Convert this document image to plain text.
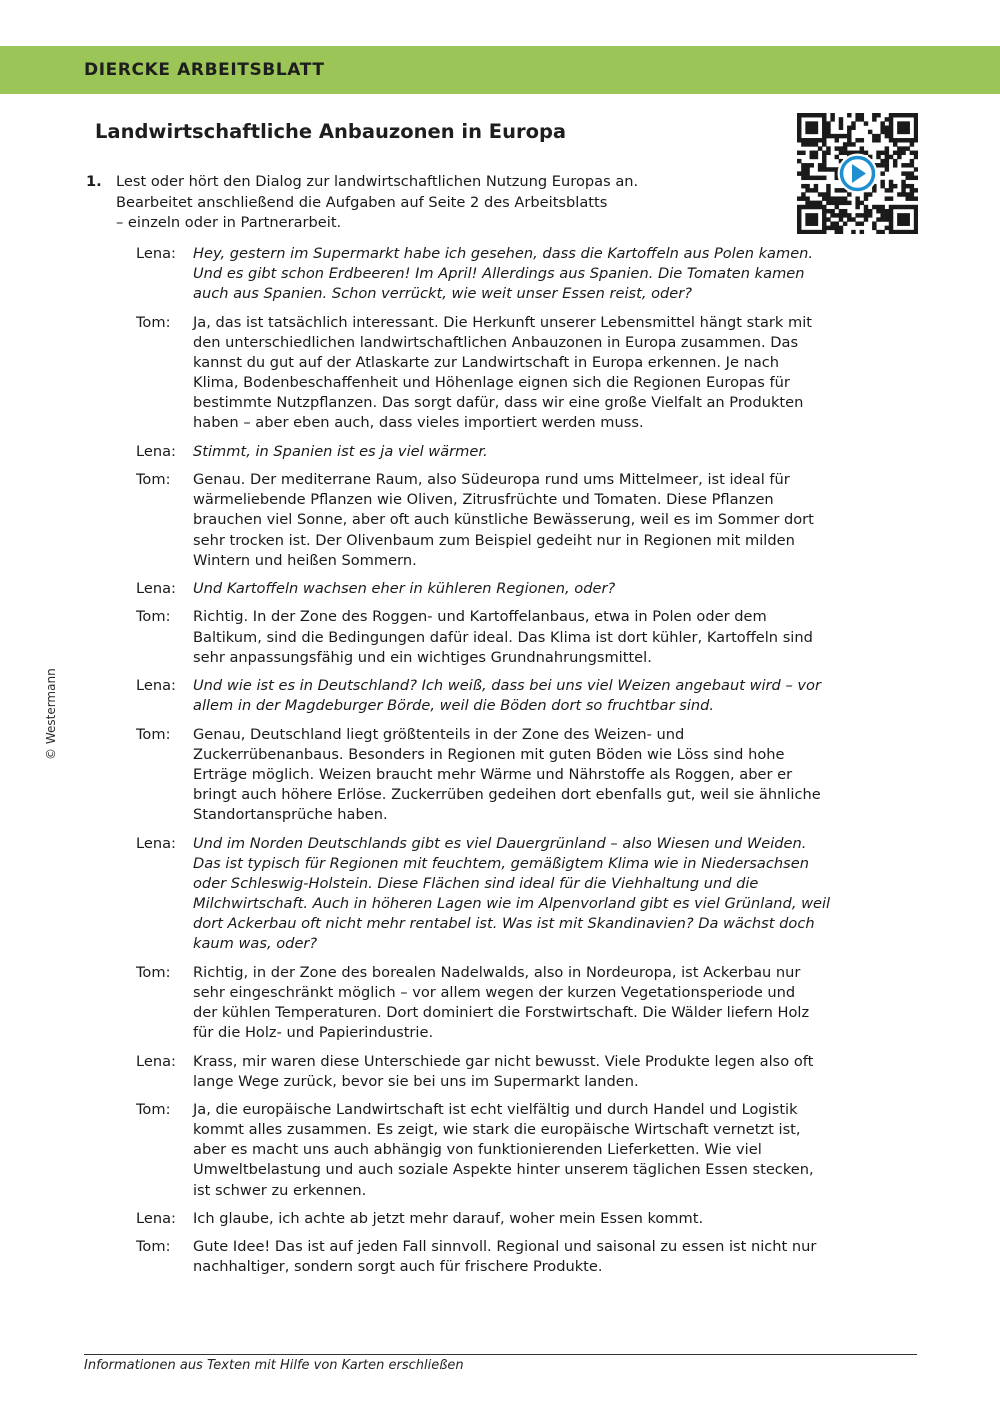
DIERCKE ARBEITSBLATT
Landwirtschaftliche Anbauzonen in Europa
1. Lest oder hört den Dialog zur landwirtschaftlichen Nutzung Europas an.
Bearbeitet anschließend die Aufgaben auf Seite 2 des Arbeitsblatts
– einzeln oder in Partnerarbeit.
Lena:	Hey, gestern im Supermarkt habe ich gesehen, dass die Kartoffeln aus Polen kamen.
Und es gibt schon Erdbeeren! Im April! Allerdings aus Spanien. Die Tomaten kamen
auch aus Spanien. Schon verrückt, wie weit unser Essen reist, oder?
Tom:	Ja, das ist tatsächlich interessant. Die Herkunft unserer Lebensmittel hängt stark mit
den unterschiedlichen landwirtschaftlichen Anbauzonen in Europa zusammen. Das
kannst du gut auf der Atlaskarte zur Landwirtschaft in Europa erkennen. Je nach
Klima, Bodenbeschaffenheit und Höhenlage eignen sich die Regionen Europas für
bestimmte Nutzpflanzen. Das sorgt dafür, dass wir eine große Vielfalt an Produkten
haben – aber eben auch, dass vieles importiert werden muss.
Lena:	Stimmt, in Spanien ist es ja viel wärmer.
Tom:	Genau. Der mediterrane Raum, also Südeuropa rund ums Mittelmeer, ist ideal für
wärmeliebende Pflanzen wie Oliven, Zitrusfrüchte und Tomaten. Diese Pflanzen
brauchen viel Sonne, aber oft auch künstliche Bewässerung, weil es im Sommer dort
sehr trocken ist. Der Olivenbaum zum Beispiel gedeiht nur in Regionen mit milden
Wintern und heißen Sommern.
Lena:	Und Kartoffeln wachsen eher in kühleren Regionen, oder?
Tom:	Richtig. In der Zone des Roggen- und Kartoffelanbaus, etwa in Polen oder dem
Baltikum, sind die Bedingungen dafür ideal. Das Klima ist dort kühler, Kartoffeln sind
sehr anpassungsfähig und ein wichtiges Grundnahrungsmittel.
Lena:	Und wie ist es in Deutschland? Ich weiß, dass bei uns viel Weizen angebaut wird – vor
allem in der Magdeburger Börde, weil die Böden dort so fruchtbar sind.
Tom:	Genau, Deutschland liegt größtenteils in der Zone des Weizen- und
Zuckerrübenanbaus. Besonders in Regionen mit guten Böden wie Löss sind hohe
Erträge möglich. Weizen braucht mehr Wärme und Nährstoffe als Roggen, aber er
bringt auch höhere Erlöse. Zuckerrüben gedeihen dort ebenfalls gut, weil sie ähnliche
Standortansprüche haben.
Lena:	Und im Norden Deutschlands gibt es viel Dauergrünland – also Wiesen und Weiden.
Das ist typisch für Regionen mit feuchtem, gemäßigtem Klima wie in Niedersachsen
oder Schleswig-Holstein. Diese Flächen sind ideal für die Viehhaltung und die
Milchwirtschaft. Auch in höheren Lagen wie im Alpenvorland gibt es viel Grünland, weil
dort Ackerbau oft nicht mehr rentabel ist. Was ist mit Skandinavien? Da wächst doch
kaum was, oder?
Tom:	Richtig, in der Zone des borealen Nadelwalds, also in Nordeuropa, ist Ackerbau nur
sehr eingeschränkt möglich – vor allem wegen der kurzen Vegetationsperiode und
der kühlen Temperaturen. Dort dominiert die Forstwirtschaft. Die Wälder liefern Holz
für die Holz- und Papierindustrie.
Lena:	Krass, mir waren diese Unterschiede gar nicht bewusst. Viele Produkte legen also oft
lange Wege zurück, bevor sie bei uns im Supermarkt landen.
Tom:	Ja, die europäische Landwirtschaft ist echt vielfältig und durch Handel und Logistik
kommt alles zusammen. Es zeigt, wie stark die europäische Wirtschaft vernetzt ist,
aber es macht uns auch abhängig von funktionierenden Lieferketten. Wie viel
Umweltbelastung und auch soziale Aspekte hinter unserem täglichen Essen stecken,
ist schwer zu erkennen.
Lena:	Ich glaube, ich achte ab jetzt mehr darauf, woher mein Essen kommt.
Tom:	Gute Idee! Das ist auf jeden Fall sinnvoll. Regional und saisonal zu essen ist nicht nur
nachhaltiger, sondern sorgt auch für frischere Produkte.
© Westermann
Informationen aus Texten mit Hilfe von Karten erschließen
